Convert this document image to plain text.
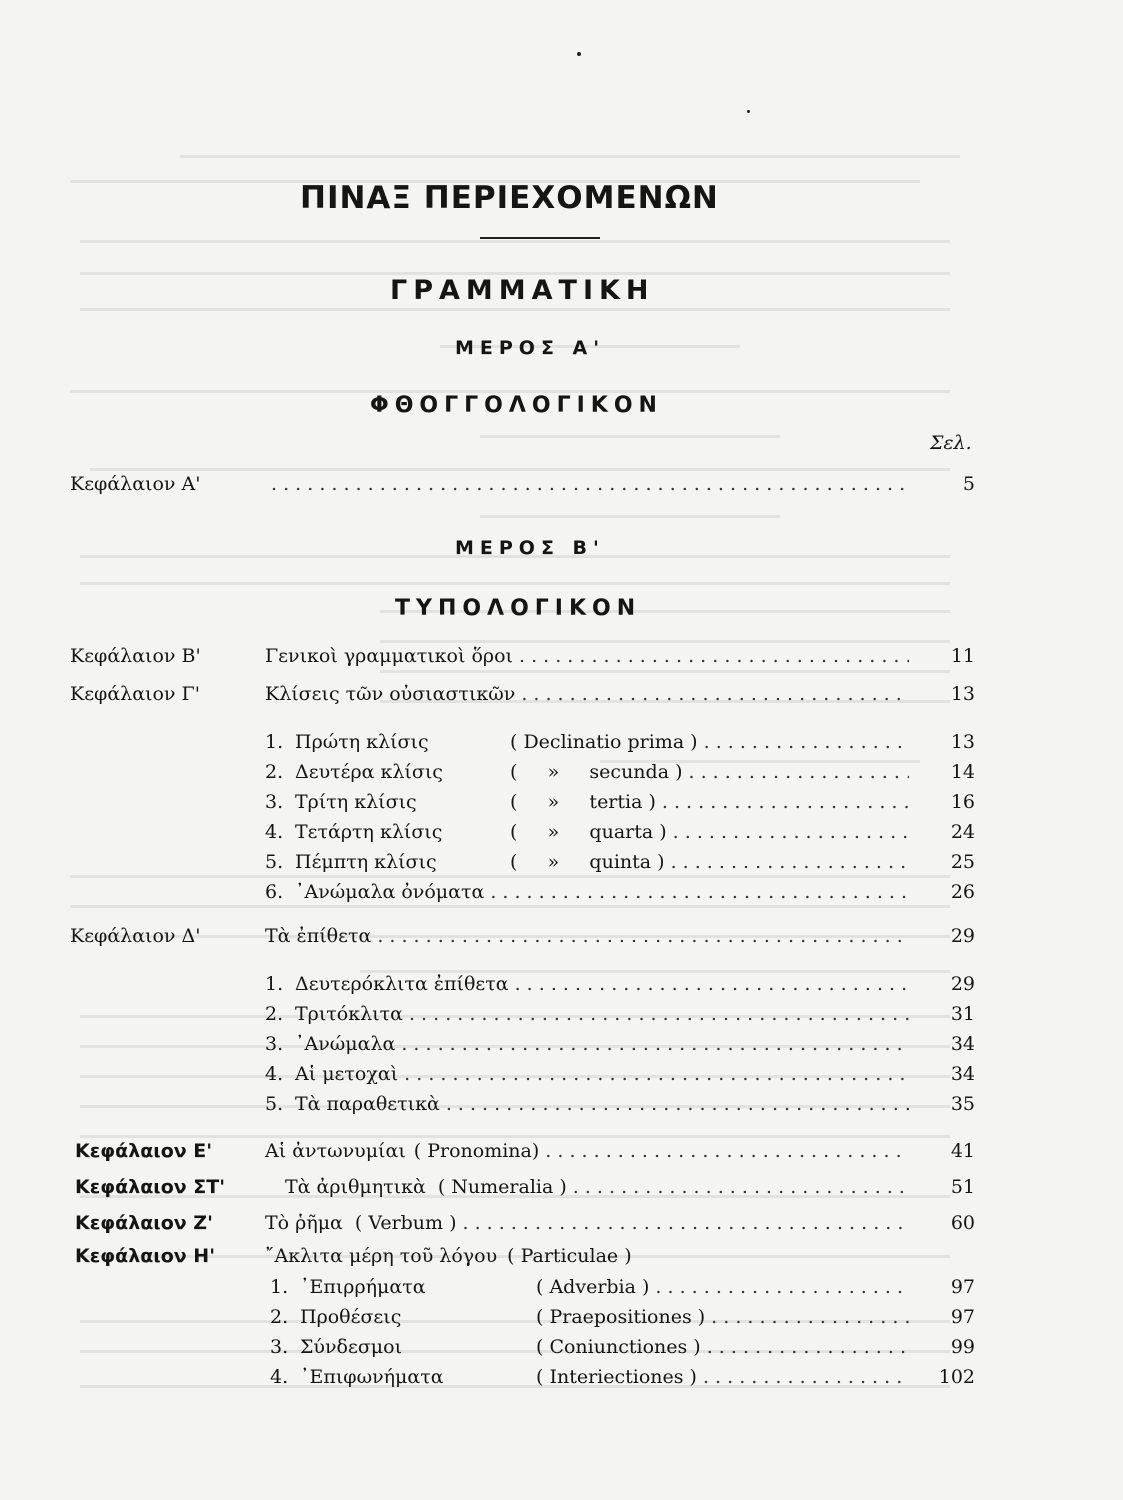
ΠΙΝΑΞ ΠΕΡΙΕΧΟΜΕΝΩΝ
ΓΡΑΜΜΑΤΙΚΗ
ΜΕΡΟΣ Α'
ΦΘΟΓΓΟΛΟΓΙΚΟΝ
Σελ.
Κεφάλαιον Α' . . .	5
ΜΕΡΟΣ Β'
ΤΥΠΟΛΟΓΙΚΟΝ
Κεφάλαιον Β'	Γενικοὶ γραμματικοὶ ὅροι . . .	11
Κεφάλαιον Γ'	Κλίσεις τῶν οὐσιαστικῶν . . .	13
1. Πρώτη κλίσις	( Declinatio prima ) . . .	13
2. Δευτέρα κλίσις	(     »     secunda ) . . .	14
3. Τρίτη κλίσις	(     »     tertia ) . . .	16
4. Τετάρτη κλίσις	(     »     quarta ) . . .	24
5. Πέμπτη κλίσις	(     »     quinta ) . . .	25
6. ᾿Ανώμαλα ὀνόματα . . .	26
Κεφάλαιον Δ'	Τὰ ἐπίθετα . . .	29
1. Δευτερόκλιτα ἐπίθετα . . .	29
2. Τριτόκλιτα . . .	31
3. ᾿Ανώμαλα . . .	34
4. Αἱ μετοχαὶ . . .	34
5. Τὰ παραθετικὰ . . .	35
Κεφάλαιον Ε'	Αἱ ἀντωνυμίαι ( Pronomina) . . .	41
Κεφάλαιον ΣΤ'	Τὰ ἀριθμητικὰ ( Numeralia ) . . .	51
Κεφάλαιον Ζ'	Τὸ ῥῆμα ( Verbum ) . . .	60
Κεφάλαιον Η'	῎Ακλιτα μέρη τοῦ λόγου ( Particulae )
1. ᾿Επιρρήματα	( Adverbia ) . . .	97
2. Προθέσεις	( Praepositiones ) . . .	97
3. Σύνδεσμοι	( Coniunctiones ) . . .	99
4. ᾿Επιφωνήματα	( Interiectiones ) . . .	102
